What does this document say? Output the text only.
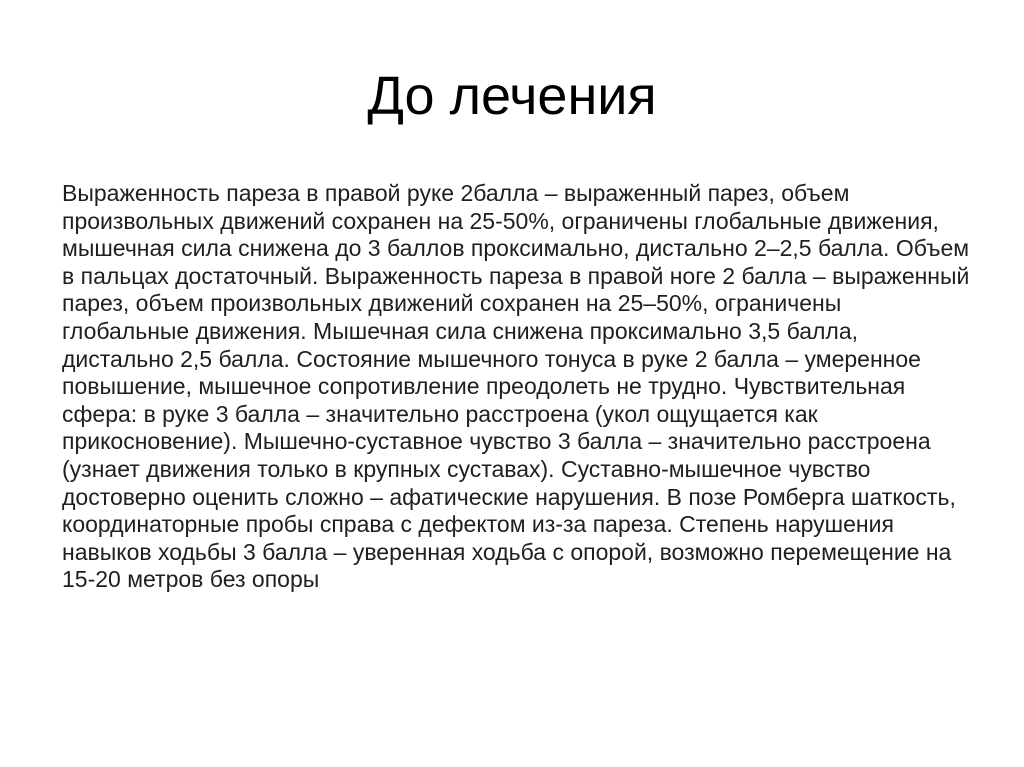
До лечения

Выраженность пареза в правой руке 2балла – выраженный парез, объем произвольных движений сохранен на 25-50%, ограничены глобальные движения, мышечная сила снижена до 3 баллов проксимально, дистально 2–2,5 балла. Объем в пальцах достаточный. Выраженность пареза в правой ноге 2 балла – выраженный парез, объем произвольных движений сохранен на 25–50%, ограничены глобальные движения. Мышечная сила снижена проксимально 3,5 балла, дистально 2,5 балла. Состояние мышечного тонуса в руке 2 балла – умеренное повышение, мышечное сопротивление преодолеть не трудно. Чувствительная сфера: в руке 3 балла – значительно расстроена (укол ощущается как прикосновение). Мышечно-суставное чувство 3 балла – значительно расстроена (узнает движения только в крупных суставах). Суставно-мышечное чувство достоверно оценить сложно – афатические нарушения. В позе Ромберга шаткость, координаторные пробы справа с дефектом из-за пареза. Степень нарушения навыков ходьбы 3 балла – уверенная ходьба с опорой, возможно перемещение на 15-20 метров без опоры
